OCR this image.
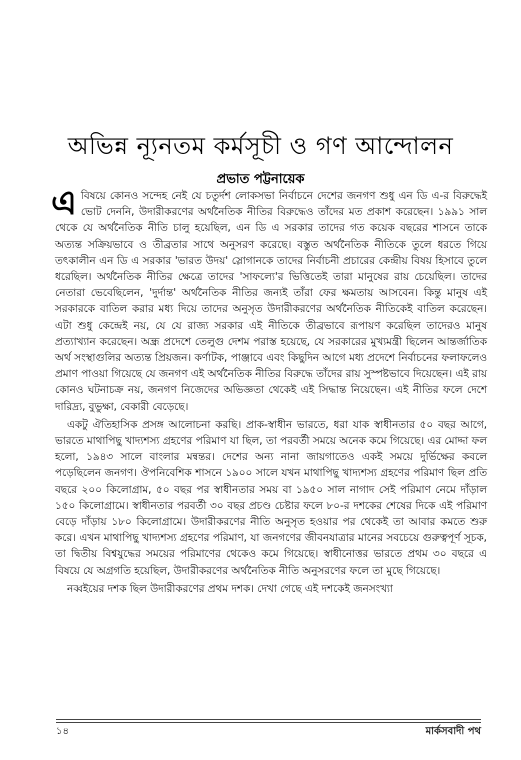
অভিন্ন ন্যূনতম কর্মসূচী ও গণ আন্দোলন
প্রভাত পট্টনায়েক

এ বিষয়ে কোনও সন্দেহ নেই যে চতুর্দশ লোকসভা নির্বাচনে দেশের জনগণ শুধু এন ডি এ-র বিরুদ্ধেই ভোট দেননি, উদারীকরণের অর্থনৈতিক নীতির বিরুদ্ধেও তাঁদের মত প্রকাশ করেছেন। ১৯৯১ সাল থেকে যে অর্থনৈতিক নীতি চালু হয়েছিল, এন ডি এ সরকার তাদের গত কয়েক বছরের শাসনে তাকে অত্যন্ত সক্রিয়ভাবে ও তীব্রতার সাথে অনুসরণ করেছে। বস্তুত অর্থনৈতিক নীতিকে তুলে ধরতে গিয়ে তৎকালীন এন ডি এ সরকার 'ভারত উদয়' স্লোগানকে তাদের নির্বাচনী প্রচারের কেন্দ্রীয় বিষয় হিসাবে তুলে ধরেছিল। অর্থনৈতিক নীতির ক্ষেত্রে তাদের 'সাফল্যে'র ভিত্তিতেই তারা মানুষের রায় চেয়েছিল। তাদের নেতারা ভেবেছিলেন, 'দুর্দান্ত' অর্থনৈতিক নীতির জন্যই তাঁরা ফের ক্ষমতায় আসবেন। কিন্তু মানুষ এই সরকারকে বাতিল করার মধ্য দিয়ে তাদের অনুসৃত উদারীকরণের অর্থনৈতিক নীতিকেই বাতিল করেছেন। এটা শুধু কেন্দ্রেই নয়, যে যে রাজ্য সরকার এই নীতিকে তীব্রভাবে রূপায়ণ করেছিল তাদেরও মানুষ প্রত্যাখ্যান করেছেন। অন্ধ্র প্রদেশে তেলুগু দেশম পরাস্ত হয়েছে, যে সরকারের মুখ্যমন্ত্রী ছিলেন আন্তর্জাতিক অর্থ সংস্থাগুলির অত্যন্ত প্রিয়জন। কর্ণাটক, পাঞ্জাবে এবং কিছুদিন আগে মধ্য প্রদেশে নির্বাচনের ফলাফলেও প্রমাণ পাওয়া গিয়েছে যে জনগণ এই অর্থনৈতিক নীতির বিরুদ্ধে তাঁদের রায় সুস্পষ্টভাবে দিয়েছেন। এই রায় কোনও ঘটনাচক্র নয়, জনগণ নিজেদের অভিজ্ঞতা থেকেই এই সিদ্ধান্ত নিয়েছেন। এই নীতির ফলে দেশে দারিদ্র্য, বুভুক্ষা, বেকারী বেড়েছে।

একটু ঐতিহাসিক প্রসঙ্গ আলোচনা করছি। প্রাক-স্বাধীন ভারতে, ধরা যাক স্বাধীনতার ৫০ বছর আগে, ভারতে মাথাপিছু খাদ্যশস্য গ্রহণের পরিমাণ যা ছিল, তা পরবর্তী সময়ে অনেক কমে গিয়েছে। এর মোদ্দা ফল হলো, ১৯৪৩ সালে বাংলার মন্বন্তর। দেশের অন্য নানা জায়গাতেও একই সময়ে দুর্ভিক্ষের কবলে পড়েছিলেন জনগণ। ঔপনিবেশিক শাসনে ১৯০০ সালে যখন মাথাপিছু খাদ্যশস্য গ্রহণের পরিমাণ ছিল প্রতি বছরে ২০০ কিলোগ্রাম, ৫০ বছর পর স্বাধীনতার সময় বা ১৯৫০ সাল নাগাদ সেই পরিমাণ নেমে দাঁড়াল ১৫০ কিলোগ্রামে। স্বাধীনতার পরবর্তী ৩০ বছর প্রচণ্ড চেষ্টার ফলে ৮০-র দশকের শেষের দিকে এই পরিমাণ বেড়ে দাঁড়ায় ১৮০ কিলোগ্রামে। উদারীকরণের নীতি অনুসৃত হওয়ার পর থেকেই তা আবার কমতে শুরু করে। এখন মাথাপিছু খাদ্যশস্য গ্রহণের পরিমাণ, যা জনগণের জীবনযাত্রার মানের সবচেয়ে গুরুত্বপূর্ণ সূচক, তা দ্বিতীয় বিশ্বযুদ্ধের সময়ের পরিমাণের থেকেও কমে গিয়েছে। স্বাধীনোত্তর ভারতে প্রথম ৩০ বছরে এ বিষয়ে যে অগ্রগতি হয়েছিল, উদারীকরণের অর্থনৈতিক নীতি অনুসরণের ফলে তা মুছে গিয়েছে।

নব্বইয়ের দশক ছিল উদারীকরণের প্রথম দশক। দেখা গেছে এই দশকেই জনসংখ্যা

১৪	মার্কসবাদী পথ
